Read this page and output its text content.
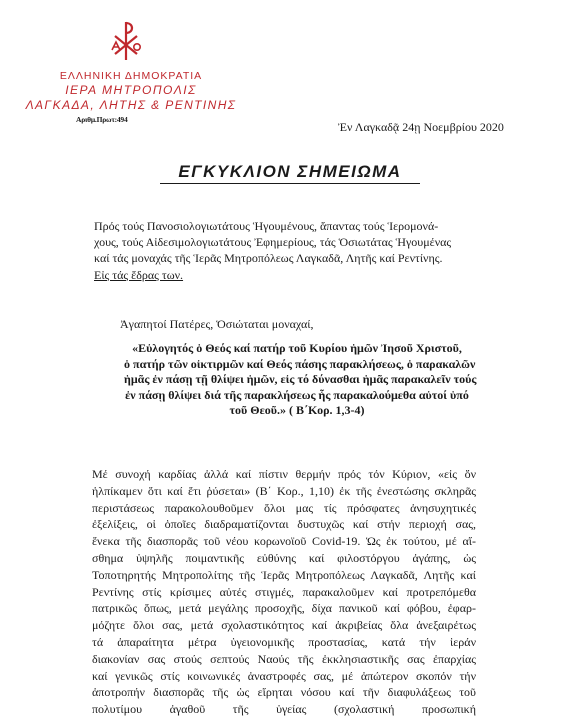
ΕΛΛΗΝΙΚΗ ΔΗΜΟΚΡΑΤΙΑ
ΙΕΡΑ ΜΗΤΡΟΠΟΛΙΣ
ΛΑΓΚΑΔΑ, ΛΗΤΗΣ & ΡΕΝΤΙΝΗΣ
Αριθμ.Πρωτ:494
Ἐν Λαγκαδᾷ 24ῃ Νοεμβρίου 2020
ΕΓΚΥΚΛΙΟΝ ΣΗΜΕΙΩΜΑ
Πρός τούς Πανοσιολογιωτάτους Ἡγουμένους, ἅπαντας τούς Ἱερομονά-
χους, τούς Αἰδεσιμολογιωτάτους Ἐφημερίους, τάς Ὁσιωτάτας Ἡγουμένας
καί τάς μοναχάς τῆς Ἱερᾶς Μητροπόλεως Λαγκαδᾶ, Λητῆς καί Ρεντίνης.
Εἰς τάς ἕδρας των.
Ἀγαπητοί Πατέρες, Ὁσιώταται μοναχαί,
«Εὐλογητός ὁ Θεός καί πατήρ τοῦ Κυρίου ἡμῶν Ἰησοῦ Χριστοῦ,
ὁ πατήρ τῶν οἰκτιρμῶν καί Θεός πάσης παρακλήσεως, ὁ παρακαλῶν
ἡμᾶς ἐν πάσῃ τῇ θλίψει ἡμῶν, εἰς τό δύνασθαι ἡμᾶς παρακαλεῖν τούς
ἐν πάσῃ θλίψει διά τῆς παρακλήσεως ἧς παρακαλούμεθα αὐτοί ὑπό
τοῦ Θεοῦ.» ( Β΄Κορ. 1,3-4)
Μέ συνοχή καρδίας ἀλλά καί πίστιν θερμήν πρός τόν Κύριον, «εἰς ὅν
ἠλπίκαμεν ὅτι καί ἔτι ῥύσεται» (Β΄ Κορ., 1,10) ἐκ τῆς ἐνεστώσης σκληρᾶς
περιστάσεως παρακολουθοῦμεν ὅλοι μας τίς πρόσφατες ἀνησυχητικές
ἐξελίξεις, οἱ ὁποῖες διαδραματίζονται δυστυχῶς καί στήν περιοχή σας,
ἕνεκα τῆς διασπορᾶς τοῦ νέου κορωνοϊοῦ Covid-19. Ὡς ἐκ τούτου, μέ αἴ-
σθημα ὑψηλῆς ποιμαντικῆς εὐθύνης καί φιλοστόργου ἀγάπης, ὡς
Τοποτηρητής Μητροπολίτης τῆς Ἱερᾶς Μητροπόλεως Λαγκαδᾶ, Λητῆς καί
Ρεντίνης στίς κρίσιμες αὐτές στιγμές, παρακαλοῦμεν καί προτρεπόμεθα
πατρικῶς ὅπως, μετά μεγάλης προσοχῆς, δίχα πανικοῦ καί φόβου, ἐφαρ-
μόζητε ὅλοι σας, μετά σχολαστικότητος καί ἀκριβείας ὅλα ἀνεξαιρέτως
τά ἀπαραίτητα μέτρα ὑγειονομικῆς προστασίας, κατά τήν ἱεράν
διακονίαν σας στούς σεπτούς Ναούς τῆς ἐκκλησιαστικῆς σας ἐπαρχίας
καί γενικῶς στίς κοινωνικές ἀναστροφές σας, μέ ἀπώτερον σκοπόν τήν
ἀποτροπήν διασπορᾶς τῆς ὡς εἴρηται νόσου καί τῆν διαφυλάξεως τοῦ
πολυτίμου ἀγαθοῦ τῆς ὑγείας (σχολαστική προσωπική
